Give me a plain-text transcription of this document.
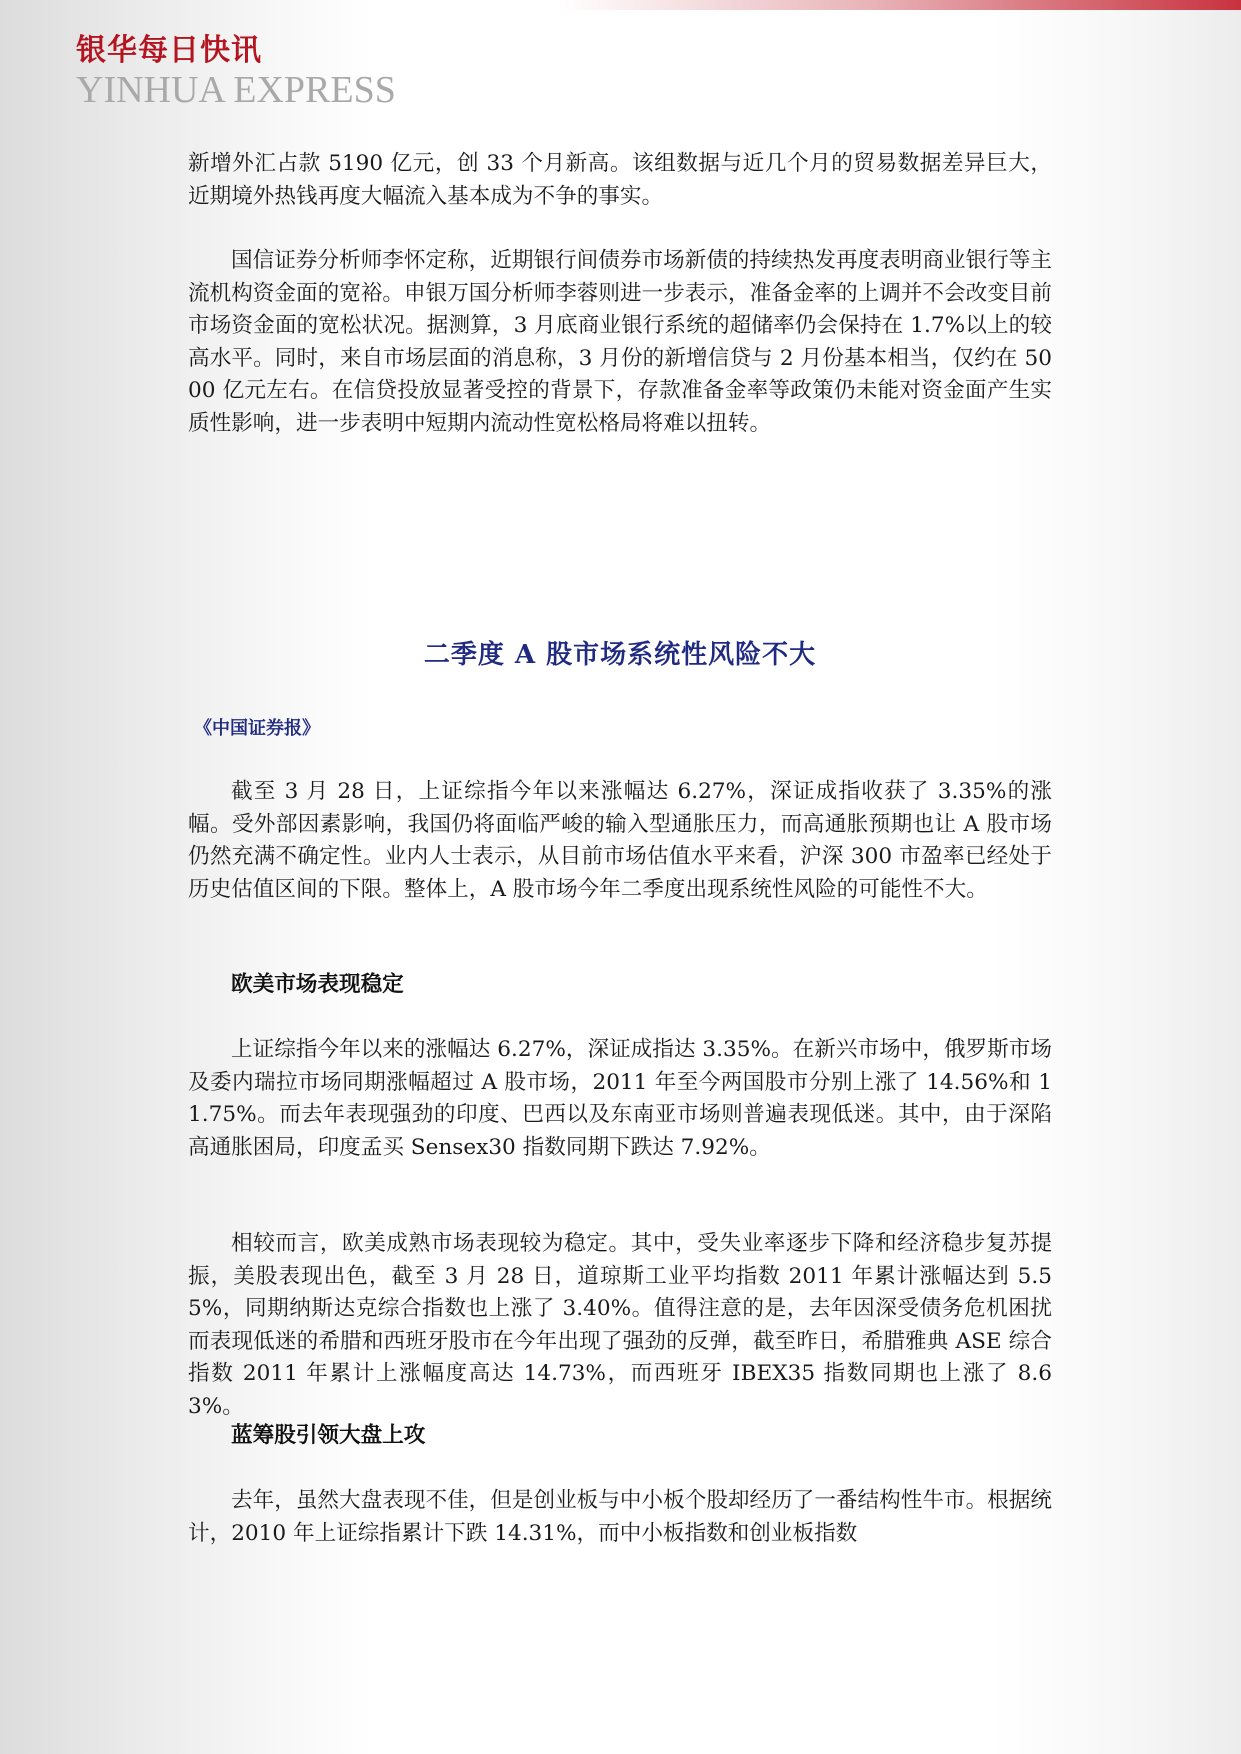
银华每日快讯
YINHUA EXPRESS

新增外汇占款 5190 亿元，创 33 个月新高。该组数据与近几个月的贸易数据差异巨大，近期境外热钱再度大幅流入基本成为不争的事实。

国信证券分析师李怀定称，近期银行间债券市场新债的持续热发再度表明商业银行等主流机构资金面的宽裕。申银万国分析师李蓉则进一步表示，准备金率的上调并不会改变目前市场资金面的宽松状况。据测算，3 月底商业银行系统的超储率仍会保持在 1.7%以上的较高水平。同时，来自市场层面的消息称，3 月份的新增信贷与 2 月份基本相当，仅约在 5000 亿元左右。在信贷投放显著受控的背景下，存款准备金率等政策仍未能对资金面产生实质性影响，进一步表明中短期内流动性宽松格局将难以扭转。

二季度 A 股市场系统性风险不大
《中国证券报》

截至 3 月 28 日，上证综指今年以来涨幅达 6.27%，深证成指收获了 3.35%的涨幅。受外部因素影响，我国仍将面临严峻的输入型通胀压力，而高通胀预期也让 A 股市场仍然充满不确定性。业内人士表示，从目前市场估值水平来看，沪深 300 市盈率已经处于历史估值区间的下限。整体上，A 股市场今年二季度出现系统性风险的可能性不大。

欧美市场表现稳定

上证综指今年以来的涨幅达 6.27%，深证成指达 3.35%。在新兴市场中，俄罗斯市场及委内瑞拉市场同期涨幅超过 A 股市场，2011 年至今两国股市分别上涨了 14.56%和 11.75%。而去年表现强劲的印度、巴西以及东南亚市场则普遍表现低迷。其中，由于深陷高通胀困局，印度孟买 Sensex30 指数同期下跌达 7.92%。

相较而言，欧美成熟市场表现较为稳定。其中，受失业率逐步下降和经济稳步复苏提振，美股表现出色，截至 3 月 28 日，道琼斯工业平均指数 2011 年累计涨幅达到 5.55%，同期纳斯达克综合指数也上涨了 3.40%。值得注意的是，去年因深受债务危机困扰而表现低迷的希腊和西班牙股市在今年出现了强劲的反弹，截至昨日，希腊雅典 ASE 综合指数 2011 年累计上涨幅度高达 14.73%，而西班牙 IBEX35 指数同期也上涨了 8.63%。

蓝筹股引领大盘上攻

去年，虽然大盘表现不佳，但是创业板与中小板个股却经历了一番结构性牛市。根据统计，2010 年上证综指累计下跌 14.31%，而中小板指数和创业板指数
